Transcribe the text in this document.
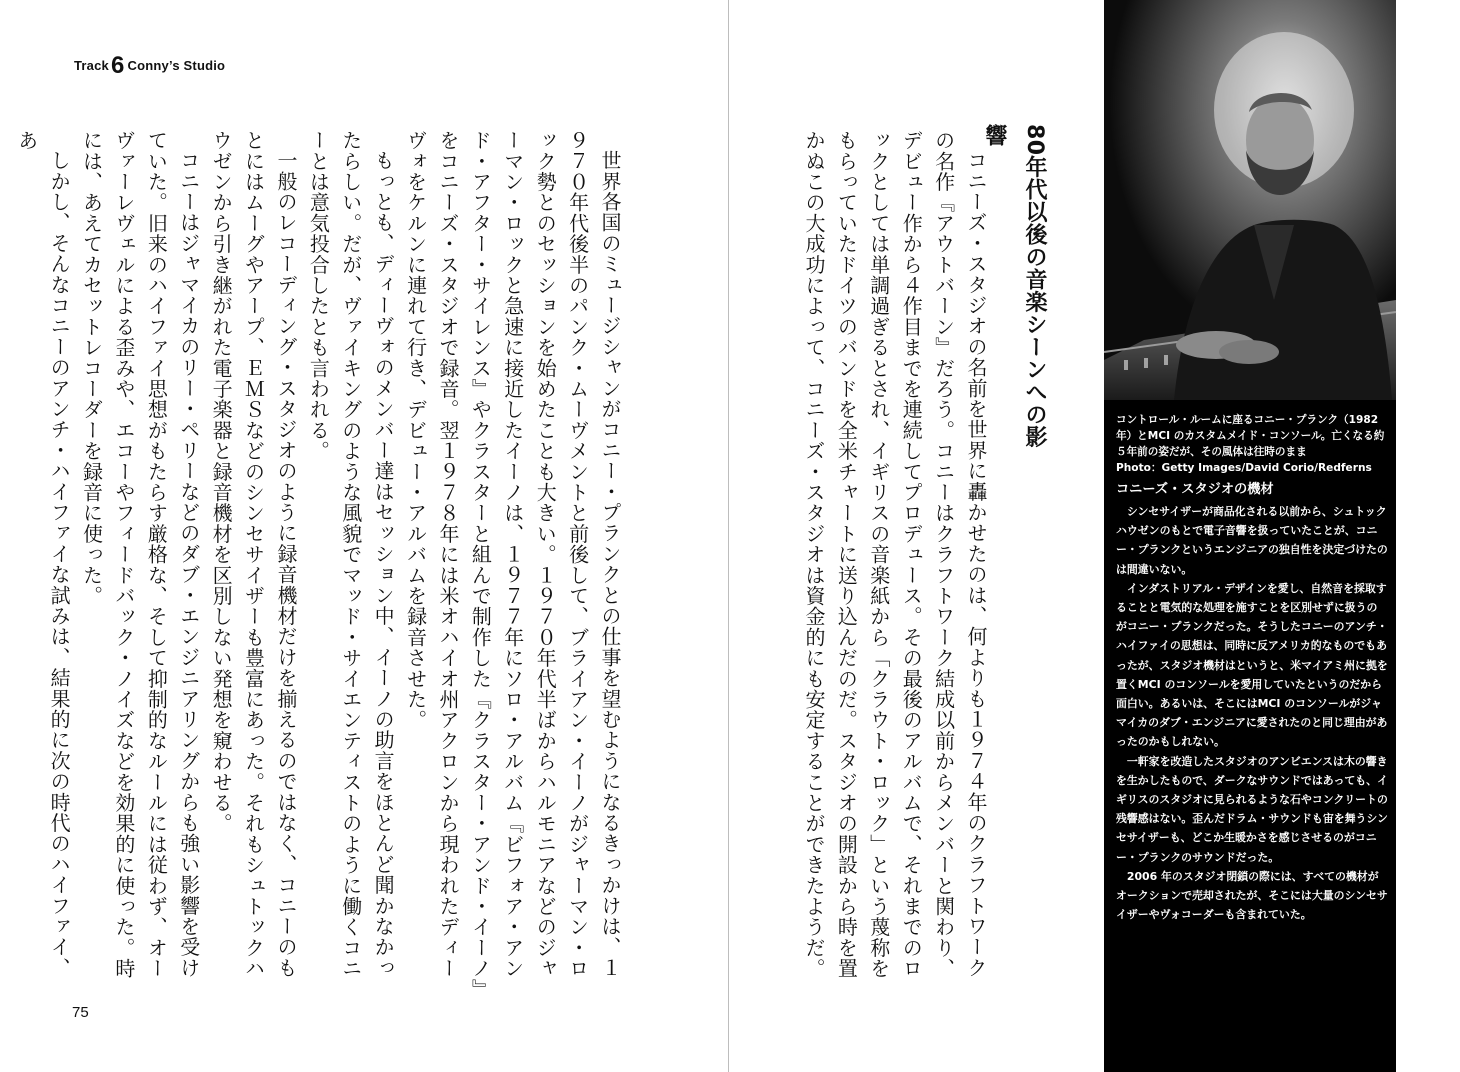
Track6 Conny’s Studio

世界各国のミュージシャンがコニー・プランクとの仕事を望むようになるきっかけは、１９７０年代後半のパンク・ムーヴメントと前後して、ブライアン・イーノがジャーマン・ロック勢とのセッションを始めたことも大きい。１９７０年代半ばからハルモニアなどのジャーマン・ロックと急速に接近したイーノは、１９７７年にソロ・アルバム『ビフォア・アンド・アフター・サイレンス』やクラスターと組んで制作した『クラスター・アンド・イーノ』をコニーズ・スタジオで録音。翌１９７８年には米オハイオ州アクロンから現われたディーヴォをケルンに連れて行き、デビュー・アルバムを録音させた。

もっとも、ディーヴォのメンバー達はセッション中、イーノの助言をほとんど聞かなかったらしい。だが、ヴァイキングのような風貌でマッド・サイエンティストのように働くコニーとは意気投合したとも言われる。

一般のレコーディング・スタジオのように録音機材だけを揃えるのではなく、コニーのもとにはムーグやアープ、ＥＭＳなどのシンセサイザーも豊富にあった。それもシュトックハウゼンから引き継がれた電子楽器と録音機材を区別しない発想を窺わせる。

コニーはジャマイカのリー・ペリーなどのダブ・エンジニアリングからも強い影響を受けていた。旧来のハイファイ思想がもたらす厳格な、そして抑制的なルールには従わず、オーヴァーレヴェルによる歪みや、エコーやフィードバック・ノイズなどを効果的に使った。時には、あえてカセットレコーダーを録音に使った。

しかし、そんなコニーのアンチ・ハイファイな試みは、結果的に次の時代のハイファイ、あ

75

コニーズ・スタジオの名前を世界に轟かせたのは、何よりも１９７４年のクラフトワークの名作『アウトバーン』だろう。コニーはクラフトワーク結成以前からメンバーと関わり、デビュー作から４作目までを連続してプロデュース。その最後のアルバムで、それまでのロックとしては単調過ぎるとされ、イギリスの音楽紙から「クラウト・ロック」という蔑称をもらっていたドイツのバンドを全米チャートに送り込んだのだ。スタジオの開設から時を置かぬこの大成功によって、コニーズ・スタジオは資金的にも安定することができたようだ。	80年代以後の音楽シーンへの影響
コントロール・ルームに座るコニー・プランク（1982年）とMCI のカスタムメイド・コンソール。亡くなる約５年前の姿だが、その風体は往時のまま
Photo：Getty Images/David Corio/Redferns
コニーズ・スタジオの機材

シンセサイザーが商品化される以前から、シュトックハウゼンのもとで電子音響を扱っていたことが、コニー・プランクというエンジニアの独自性を決定づけたのは間違いない。

インダストリアル・デザインを愛し、自然音を採取することと電気的な処理を施すことを区別せずに扱うのがコニー・プランクだった。そうしたコニーのアンチ・ハイファイの思想は、同時に反アメリカ的なものでもあったが、スタジオ機材はというと、米マイアミ州に拠を置くMCI のコンソールを愛用していたというのだから面白い。あるいは、そこにはMCI のコンソールがジャマイカのダブ・エンジニアに愛されたのと同じ理由があったのかもしれない。

一軒家を改造したスタジオのアンビエンスは木の響きを生かしたもので、ダークなサウンドではあっても、イギリスのスタジオに見られるような石やコンクリートの残響感はない。歪んだドラム・サウンドも宙を舞うシンセサイザーも、どこか生暖かさを感じさせるのがコニー・プランクのサウンドだった。

2006 年のスタジオ閉鎖の際には、すべての機材がオークションで売却されたが、そこには大量のシンセサイザーやヴォコーダーも含まれていた。
